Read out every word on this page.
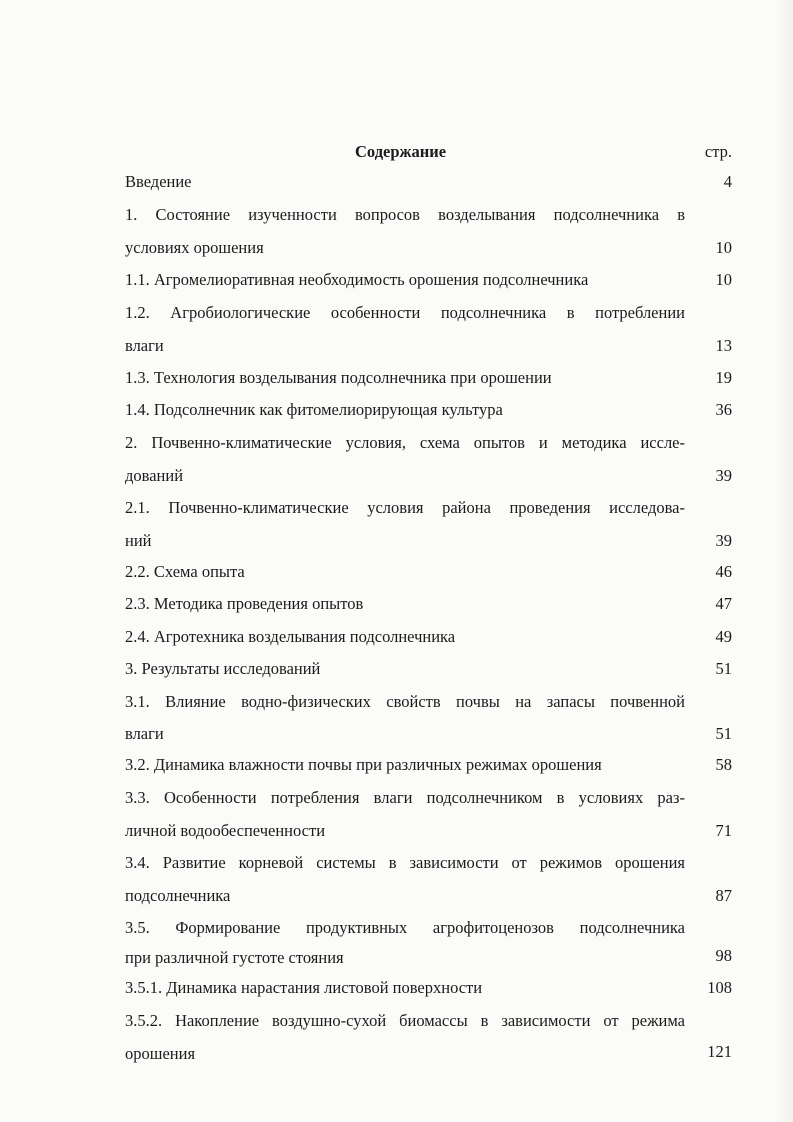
Содержание	стр.
Введение	4
1. Состояние изученности вопросов возделывания подсолнечника в
условиях орошения	10
1.1. Агромелиоративная необходимость орошения подсолнечника	10
1.2. Агробиологические особенности подсолнечника в потреблении
влаги	13
1.3. Технология возделывания подсолнечника при орошении	19
1.4. Подсолнечник как фитомелиорирующая культура	36
2. Почвенно-климатические условия, схема опытов и методика иссле-
дований	39
2.1. Почвенно-климатические условия района проведения исследова-
ний	39
2.2. Схема опыта	46
2.3. Методика проведения опытов	47
2.4. Агротехника возделывания подсолнечника	49
3. Результаты исследований	51
3.1. Влияние водно-физических свойств почвы на запасы почвенной
влаги	51
3.2. Динамика влажности почвы при различных режимах орошения	58
3.3. Особенности потребления влаги подсолнечником в условиях раз-
личной водообеспеченности	71
3.4. Развитие корневой системы в зависимости от режимов орошения
подсолнечника	87
3.5. Формирование продуктивных агрофитоценозов подсолнечника
при различной густоте стояния	98
3.5.1. Динамика нарастания листовой поверхности	108
3.5.2. Накопление воздушно-сухой биомассы в зависимости от режима
орошения	121
